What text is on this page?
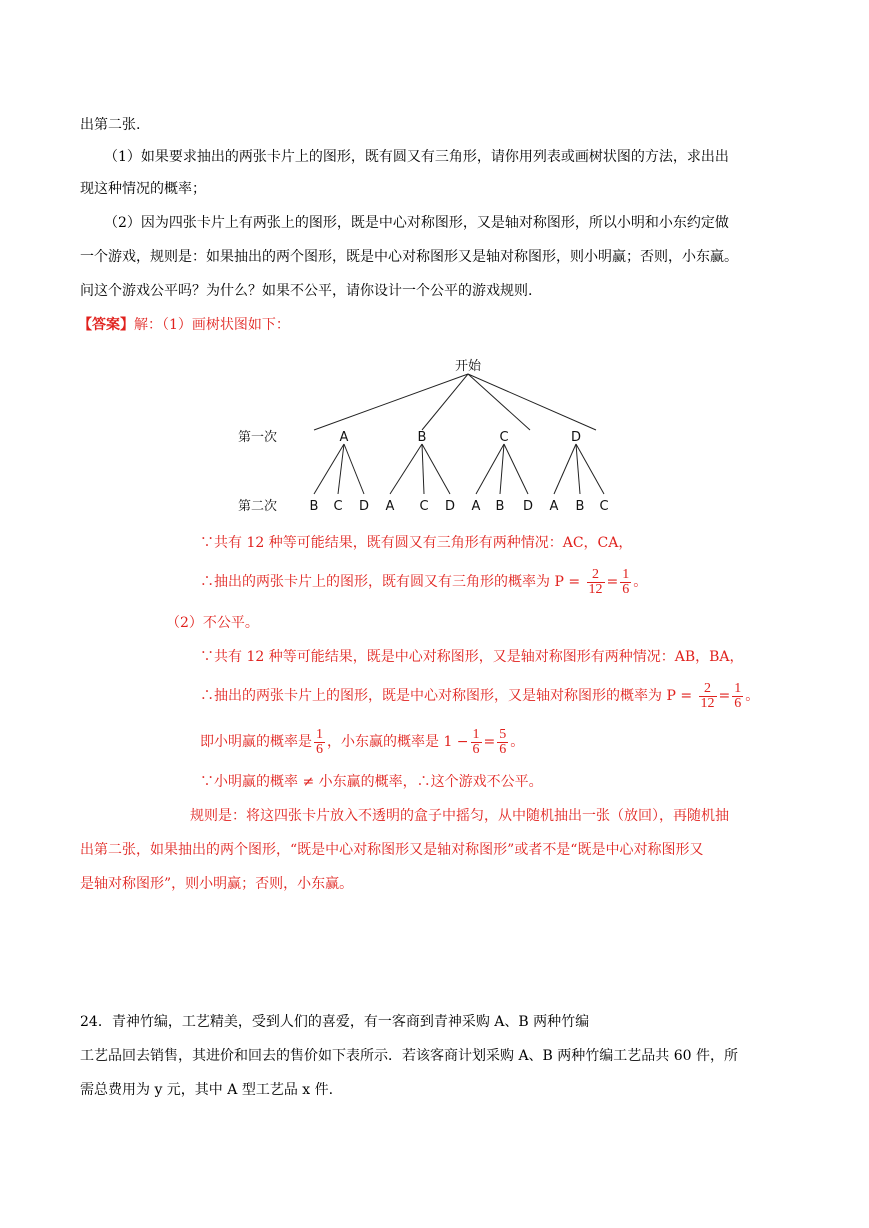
出第二张.
（1）如果要求抽出的两张卡片上的图形，既有圆又有三角形，请你用列表或画树状图的方法，求出出
现这种情况的概率；
（2）因为四张卡片上有两张上的图形，既是中心对称图形，又是轴对称图形，所以小明和小东约定做
一个游戏，规则是：如果抽出的两个图形，既是中心对称图形又是轴对称图形，则小明赢；否则，小东赢。
问这个游戏公平吗？为什么？如果不公平，请你设计一个公平的游戏规则.
【答案】解：（1）画树状图如下：
开始
第一次
第二次
A	B	C	D
B C D A C D A B D A B C
∵共有 12 种等可能结果，既有圆又有三角形有两种情况：AC，CA，
∴抽出的两张卡片上的图形，既有圆又有三角形的概率为 $P = \frac{2}{12} = \frac{1}{6}$ 。
（2）不公平。
∵共有 12 种等可能结果，既是中心对称图形，又是轴对称图形有两种情况：AB，BA，
∴抽出的两张卡片上的图形，既是中心对称图形，又是轴对称图形的概率为 $P = \frac{2}{12} = \frac{1}{6}$ 。
即小明赢的概率是 $\frac{1}{6}$ ，小东赢的概率是 $1 - \frac{1}{6} = \frac{5}{6}$ 。
∵小明赢的概率 ≠ 小东赢的概率，∴这个游戏不公平。
规则是：将这四张卡片放入不透明的盒子中摇匀，从中随机抽出一张（放回），再随机抽
出第二张，如果抽出的两个图形，“既是中心对称图形又是轴对称图形”或者不是“既是中心对称图形又
是轴对称图形”，则小明赢；否则，小东赢。
24．青神竹编，工艺精美，受到人们的喜爱，有一客商到青神采购 A、B 两种竹编
工艺品回去销售，其进价和回去的售价如下表所示．若该客商计划采购 A、B 两种竹编工艺品共 60 件，所
需总费用为 y 元，其中 A 型工艺品 x 件.
